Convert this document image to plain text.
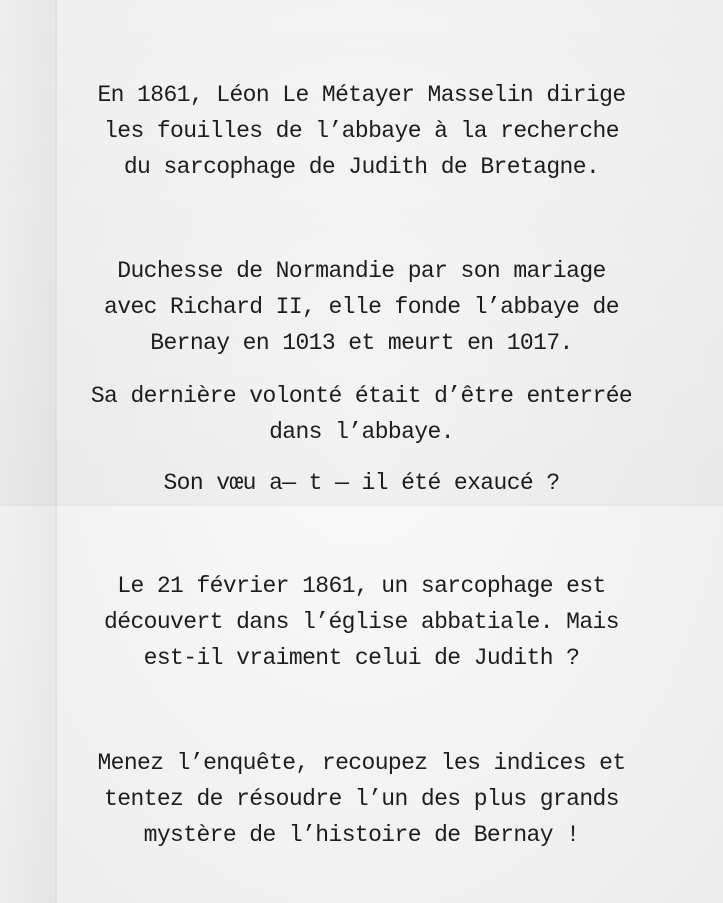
En 1861, Léon Le Métayer Masselin dirige
les fouilles de l’abbaye à la recherche
du sarcophage de Judith de Bretagne.

Duchesse de Normandie par son mariage
avec Richard II, elle fonde l’abbaye de
Bernay en 1013 et meurt en 1017.

Sa dernière volonté était d’être enterrée
dans l’abbaye.

Son vœu a— t — il été exaucé ?

Le 21 février 1861, un sarcophage est
découvert dans l’église abbatiale. Mais
est-il vraiment celui de Judith ?

Menez l’enquête, recoupez les indices et
tentez de résoudre l’un des plus grands
mystère de l’histoire de Bernay !
